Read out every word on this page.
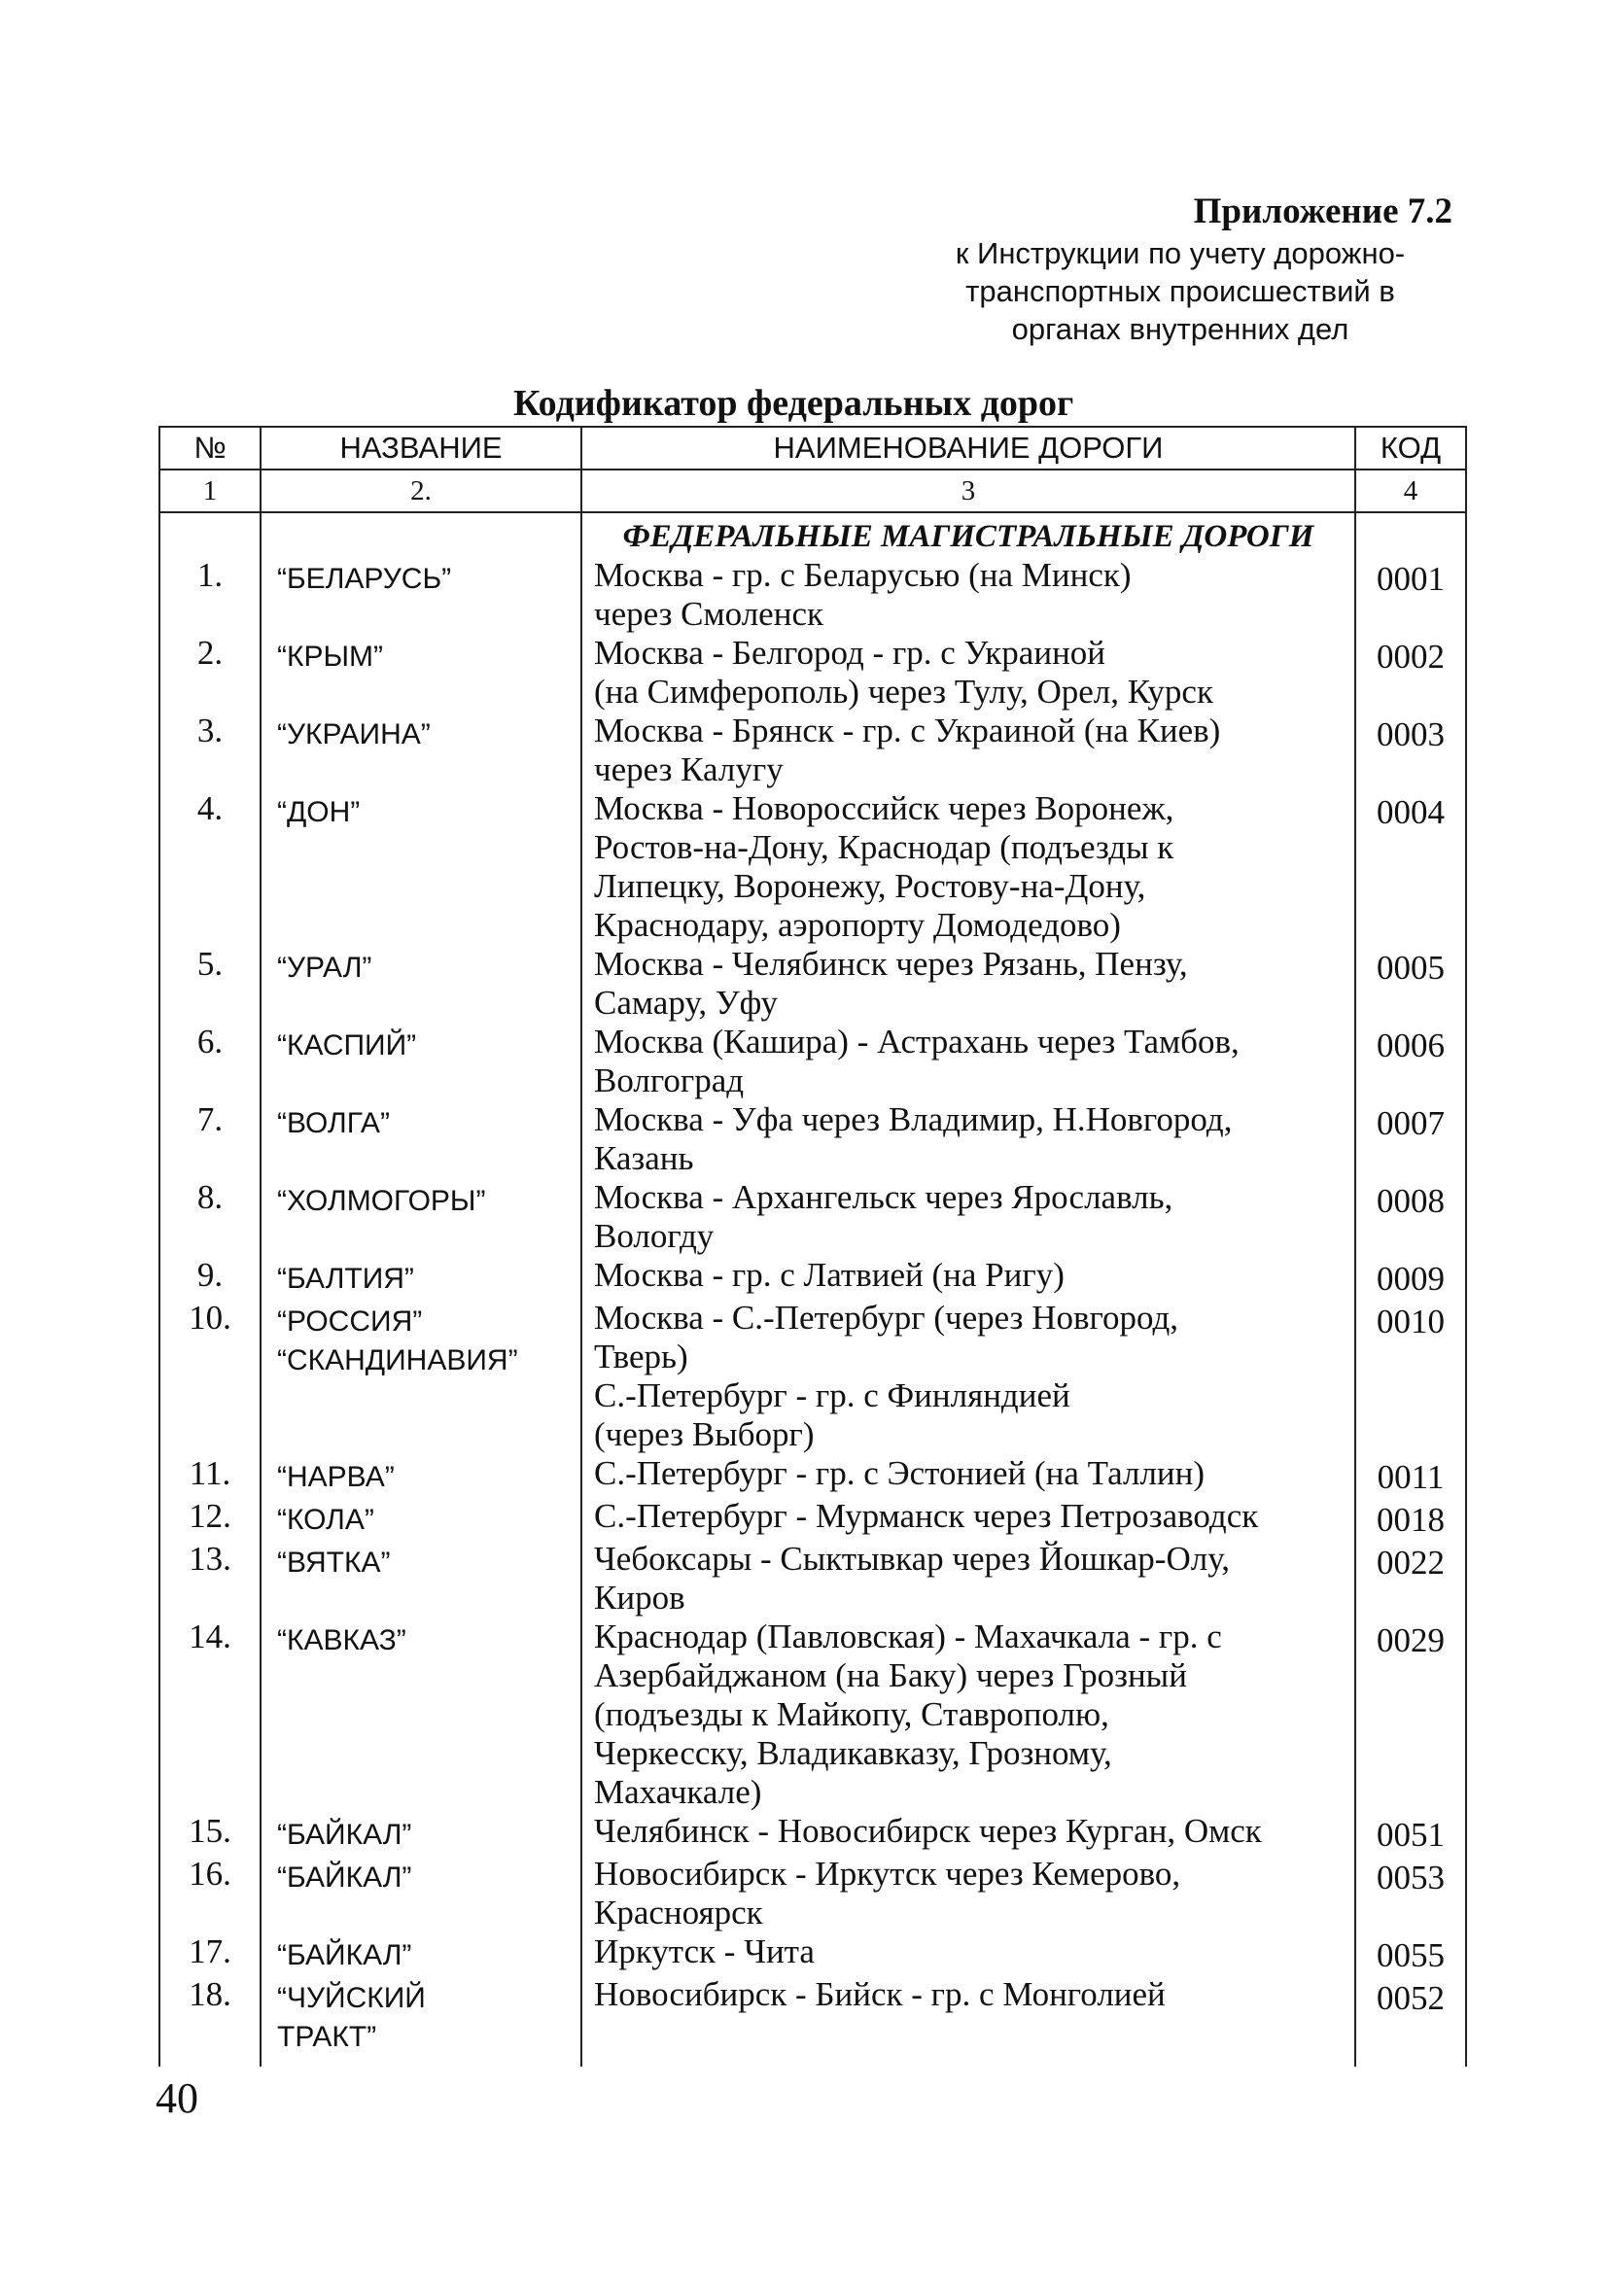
Приложение 7.2
к Инструкции по учету дорожно-
транспортных происшествий в
органах внутренних дел
Кодификатор федеральных дорог
№	НАЗВАНИЕ	НАИМЕНОВАНИЕ ДОРОГИ	КОД
1	2.	3	4
		ФЕДЕРАЛЬНЫЕ МАГИСТРАЛЬНЫЕ ДОРОГИ	
1.	“БЕЛАРУСЬ”	Москва - гр. с Беларусью (на Минск)
через Смоленск	0001
2.	“КРЫМ”	Москва - Белгород - гр. с Украиной
(на Симферополь) через Тулу, Орел, Курск	0002
3.	“УКРАИНА”	Москва - Брянск - гр. с Украиной (на Киев)
через Калугу	0003
4.	“ДОН”	Москва - Новороссийск через Воронеж,
Ростов-на-Дону, Краснодар (подъезды к
Липецку, Воронежу, Ростову-на-Дону,
Краснодару, аэропорту Домодедово)	0004
5.	“УРАЛ”	Москва - Челябинск через Рязань, Пензу,
Самару, Уфу	0005
6.	“КАСПИЙ”	Москва (Кашира) - Астрахань через Тамбов,
Волгоград	0006
7.	“ВОЛГА”	Москва - Уфа через Владимир, Н.Новгород,
Казань	0007
8.	“ХОЛМОГОРЫ”	Москва - Архангельск через Ярославль,
Вологду	0008
9.	“БАЛТИЯ”	Москва - гр. с Латвией (на Ригу)	0009
10.	“РОССИЯ”
“СКАНДИНАВИЯ”	Москва - С.-Петербург (через Новгород,
Тверь)
С.-Петербург - гр. с Финляндией
(через Выборг)	0010
11.	“НАРВА”	С.-Петербург - гр. с Эстонией (на Таллин)	0011
12.	“КОЛА”	С.-Петербург - Мурманск через Петрозаводск	0018
13.	“ВЯТКА”	Чебоксары - Сыктывкар через Йошкар-Олу,
Киров	0022
14.	“КАВКАЗ”	Краснодар (Павловская) - Махачкала - гр. с
Азербайджаном (на Баку) через Грозный
(подъезды к Майкопу, Ставрополю,
Черкесску, Владикавказу, Грозному,
Махачкале)	0029
15.	“БАЙКАЛ”	Челябинск - Новосибирск через Курган, Омск	0051
16.	“БАЙКАЛ”	Новосибирск - Иркутск через Кемерово,
Красноярск	0053
17.	“БАЙКАЛ”	Иркутск - Чита	0055
18.	“ЧУЙСКИЙ
ТРАКТ”	Новосибирск - Бийск - гр. с Монголией	0052
40
